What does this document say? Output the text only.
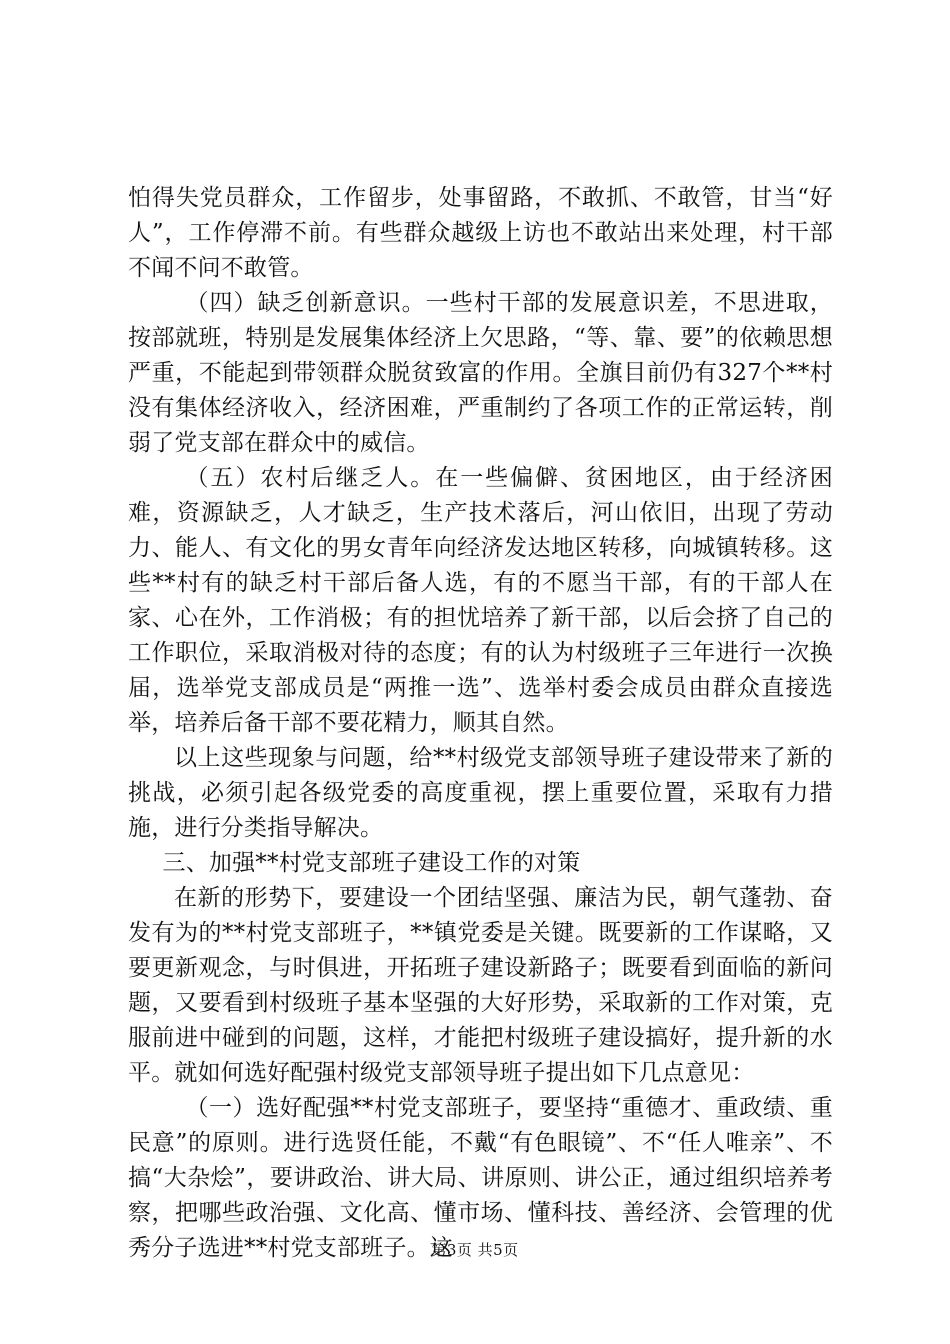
怕得失党员群众，工作留步，处事留路，不敢抓、不敢管，甘当“好人”，工作停滞不前。有些群众越级上访也不敢站出来处理，村干部不闻不问不敢管。

（四）缺乏创新意识。一些村干部的发展意识差，不思进取，按部就班，特别是发展集体经济上欠思路，“等、靠、要”的依赖思想严重，不能起到带领群众脱贫致富的作用。全旗目前仍有327个**村没有集体经济收入，经济困难，严重制约了各项工作的正常运转，削弱了党支部在群众中的威信。

（五）农村后继乏人。在一些偏僻、贫困地区，由于经济困难，资源缺乏，人才缺乏，生产技术落后，河山依旧，出现了劳动力、能人、有文化的男女青年向经济发达地区转移，向城镇转移。这些**村有的缺乏村干部后备人选，有的不愿当干部，有的干部人在家、心在外，工作消极；有的担忧培养了新干部，以后会挤了自己的工作职位，采取消极对待的态度；有的认为村级班子三年进行一次换届，选举党支部成员是“两推一选”、选举村委会成员由群众直接选举，培养后备干部不要花精力，顺其自然。

以上这些现象与问题，给**村级党支部领导班子建设带来了新的挑战，必须引起各级党委的高度重视，摆上重要位置，采取有力措施，进行分类指导解决。

三、加强**村党支部班子建设工作的对策

在新的形势下，要建设一个团结坚强、廉洁为民，朝气蓬勃、奋发有为的**村党支部班子，**镇党委是关键。既要新的工作谋略，又要更新观念，与时俱进，开拓班子建设新路子；既要看到面临的新问题，又要看到村级班子基本坚强的大好形势，采取新的工作对策，克服前进中碰到的问题，这样，才能把村级班子建设搞好，提升新的水平。就如何选好配强村级党支部领导班子提出如下几点意见：

（一）选好配强**村党支部班子，要坚持“重德才、重政绩、重民意”的原则。进行选贤任能，不戴“有色眼镜”、不“任人唯亲”、不搞“大杂烩”，要讲政治、讲大局、讲原则、讲公正，通过组织培养考察，把哪些政治强、文化高、懂市场、懂科技、善经济、会管理的优秀分子选进**村党支部班子。这

第3页 共5页
